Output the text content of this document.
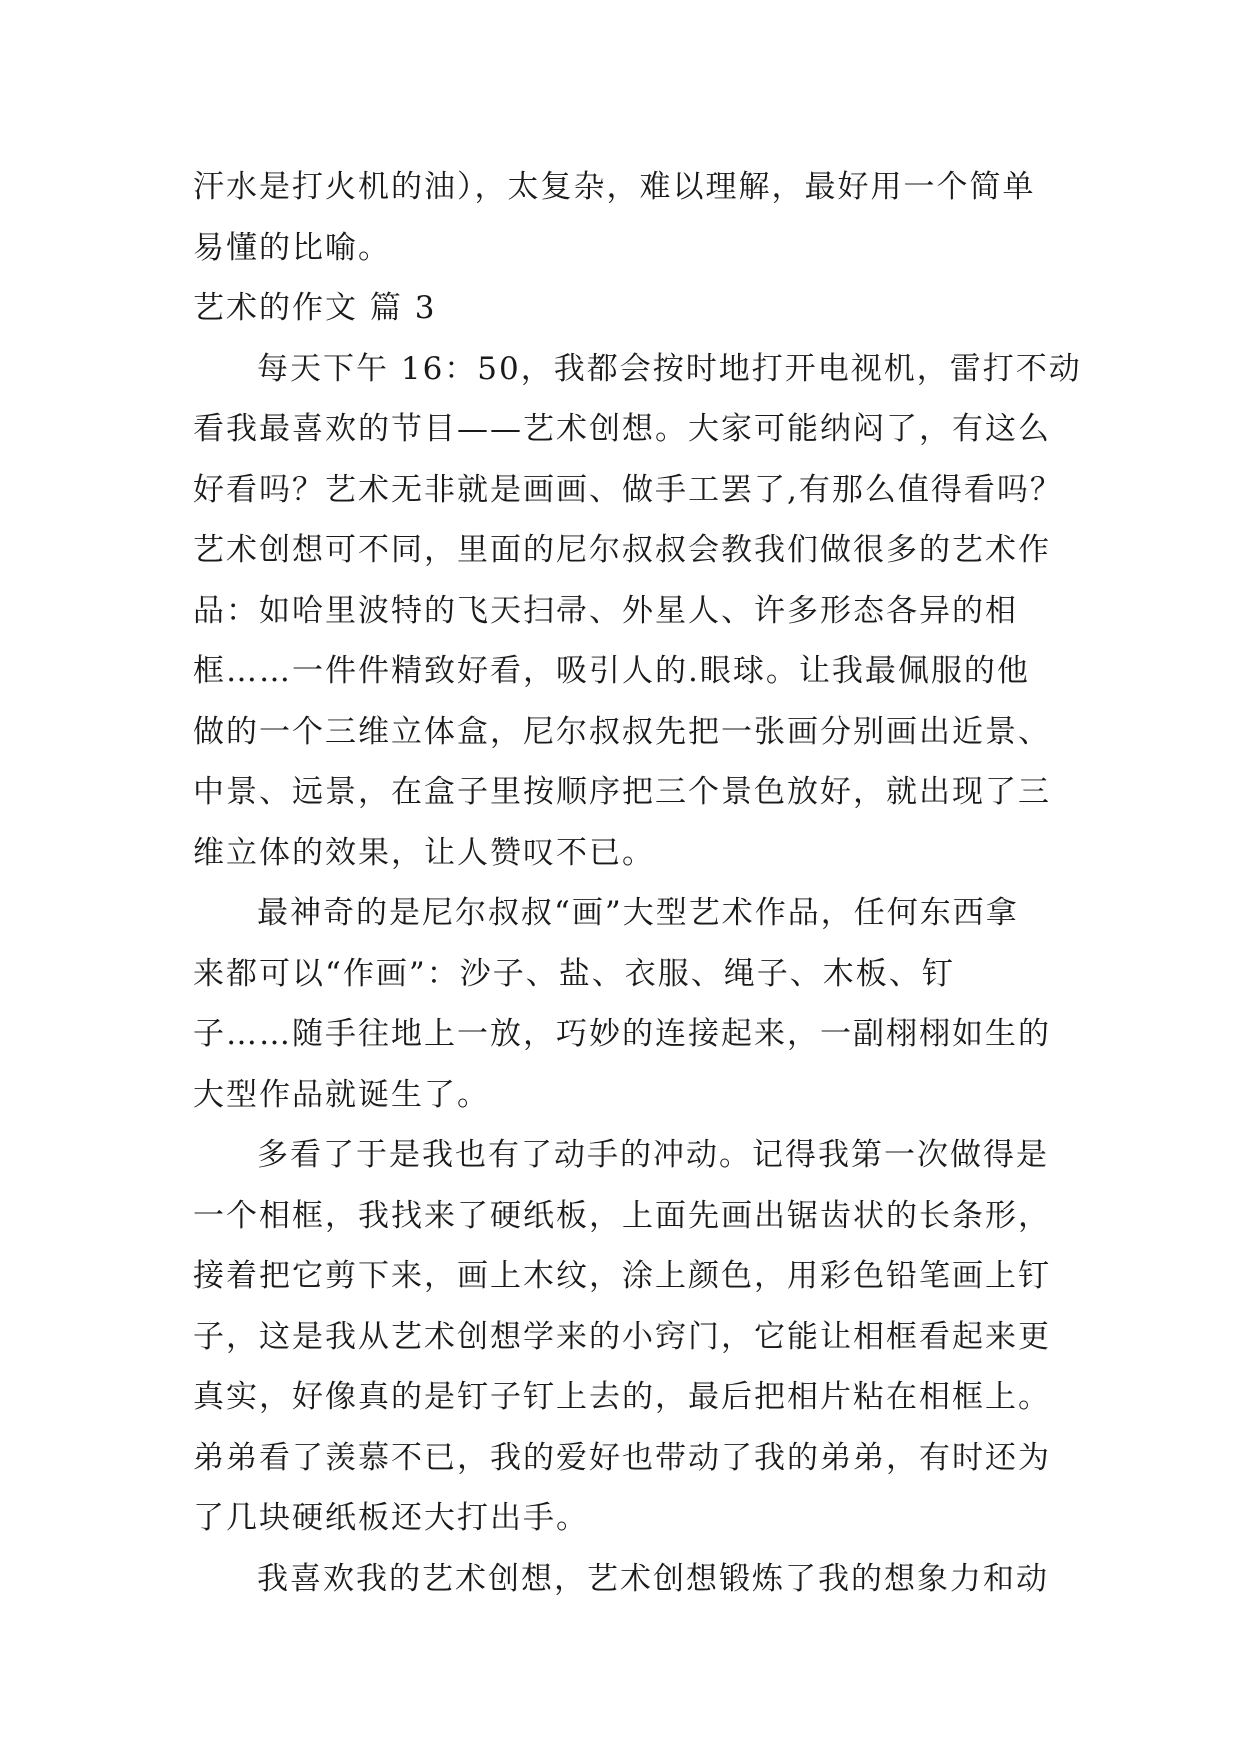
汗水是打火机的油），太复杂，难以理解，最好用一个简单
易懂的比喻。
艺术的作文 篇 3
每天下午 16：50，我都会按时地打开电视机，雷打不动
看我最喜欢的节目——艺术创想。大家可能纳闷了，有这么
好看吗？艺术无非就是画画、做手工罢了,有那么值得看吗？
艺术创想可不同，里面的尼尔叔叔会教我们做很多的艺术作
品：如哈里波特的飞天扫帚、外星人、许多形态各异的相
框……一件件精致好看，吸引人的.眼球。让我最佩服的他
做的一个三维立体盒，尼尔叔叔先把一张画分别画出近景、
中景、远景，在盒子里按顺序把三个景色放好，就出现了三
维立体的效果，让人赞叹不已。
最神奇的是尼尔叔叔“画”大型艺术作品，任何东西拿
来都可以“作画”：沙子、盐、衣服、绳子、木板、钉
子……随手往地上一放，巧妙的连接起来，一副栩栩如生的
大型作品就诞生了。
多看了于是我也有了动手的冲动。记得我第一次做得是
一个相框，我找来了硬纸板，上面先画出锯齿状的长条形，
接着把它剪下来，画上木纹，涂上颜色，用彩色铅笔画上钉
子，这是我从艺术创想学来的小窍门，它能让相框看起来更
真实，好像真的是钉子钉上去的，最后把相片粘在相框上。
弟弟看了羡慕不已，我的爱好也带动了我的弟弟，有时还为
了几块硬纸板还大打出手。
我喜欢我的艺术创想，艺术创想锻炼了我的想象力和动
